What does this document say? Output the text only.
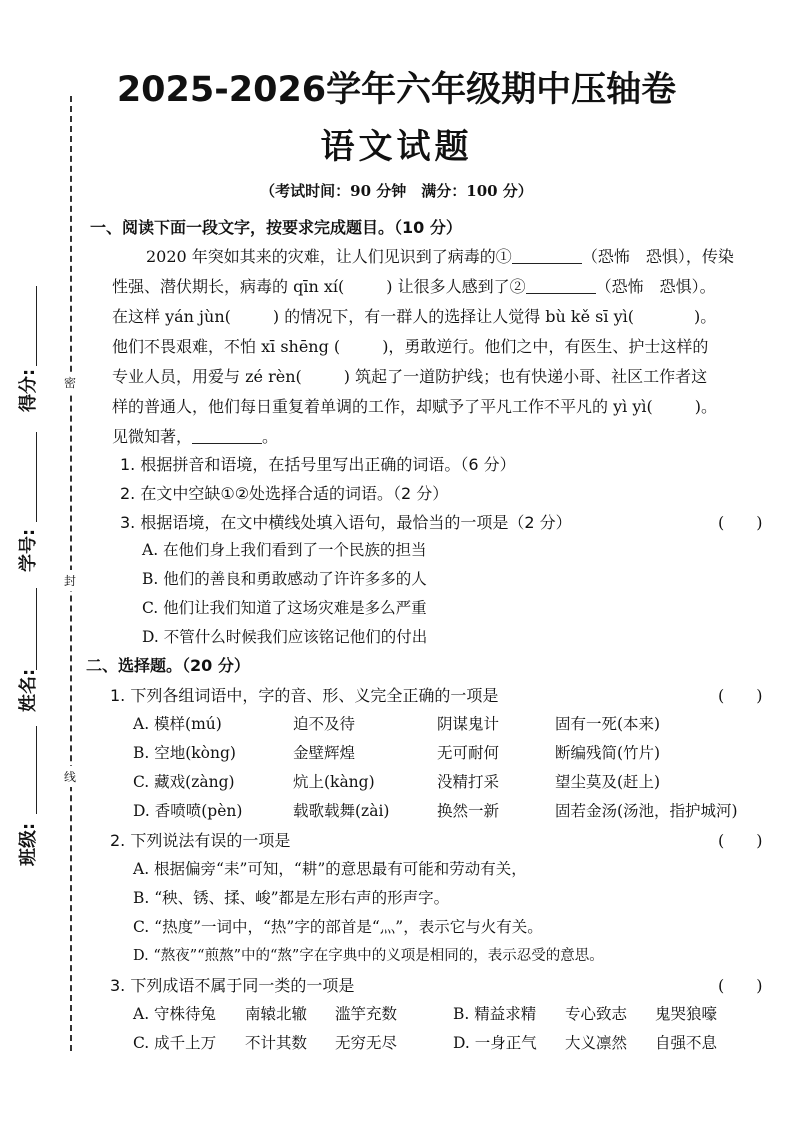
密
封
线
得分:
学号:
姓名:
班级:
2025-2026学年六年级期中压轴卷
语文试题
（考试时间：90 分钟　满分：100 分）
一、阅读下面一段文字，按要求完成题目。（10 分）
2020 年突如其来的灾难，让人们见识到了病毒的①	（恐怖　恐惧），传染
性强、潜伏期长，病毒的 qīn xí(	) 让很多人感到了②	（恐怖　恐惧）。
在这样 yán jùn(	) 的情况下，有一群人的选择让人觉得 bù kě sī yì(	)。
他们不畏艰难，不怕 xī shēng (	)，勇敢逆行。他们之中，有医生、护士这样的
专业人员，用爱与 zé rèn(	) 筑起了一道防护线；也有快递小哥、社区工作者这
样的普通人，他们每日重复着单调的工作，却赋予了平凡工作不平凡的 yì yì(	)。
见微知著，	。
1. 根据拼音和语境，在括号里写出正确的词语。（6 分）
2. 在文中空缺①②处选择合适的词语。（2 分）
3. 根据语境，在文中横线处填入语句，最恰当的一项是（2 分）	(　　)
A. 在他们身上我们看到了一个民族的担当
B. 他们的善良和勇敢感动了许许多多的人
C. 他们让我们知道了这场灾难是多么严重
D. 不管什么时候我们应该铭记他们的付出
二、选择题。（20 分）
1. 下列各组词语中，字的音、形、义完全正确的一项是	(　　)
A. 模样(mú)	迫不及待	阴谋鬼计	固有一死(本来)
B. 空地(kòng)	金壁辉煌	无可耐何	断编残简(竹片)
C. 藏戏(zàng)	炕上(kàng)	没精打采	望尘莫及(赶上)
D. 香喷喷(pèn)	载歌载舞(zài)	换然一新	固若金汤(汤池，指护城河)
2. 下列说法有误的一项是	(　　)
A. 根据偏旁“耒”可知，“耕”的意思最有可能和劳动有关，
B. “秧、锈、揉、峻”都是左形右声的形声字。
C. “热度”一词中，“热”字的部首是“灬”，表示它与火有关。
D. “熬夜”“煎熬”中的“熬”字在字典中的义项是相同的，表示忍受的意思。
3. 下列成语不属于同一类的一项是	(　　)
A. 守株待兔 南辕北辙 滥竽充数	B. 精益求精 专心致志 鬼哭狼嚎
C. 成千上万 不计其数 无穷无尽	D. 一身正气 大义凛然 自强不息
